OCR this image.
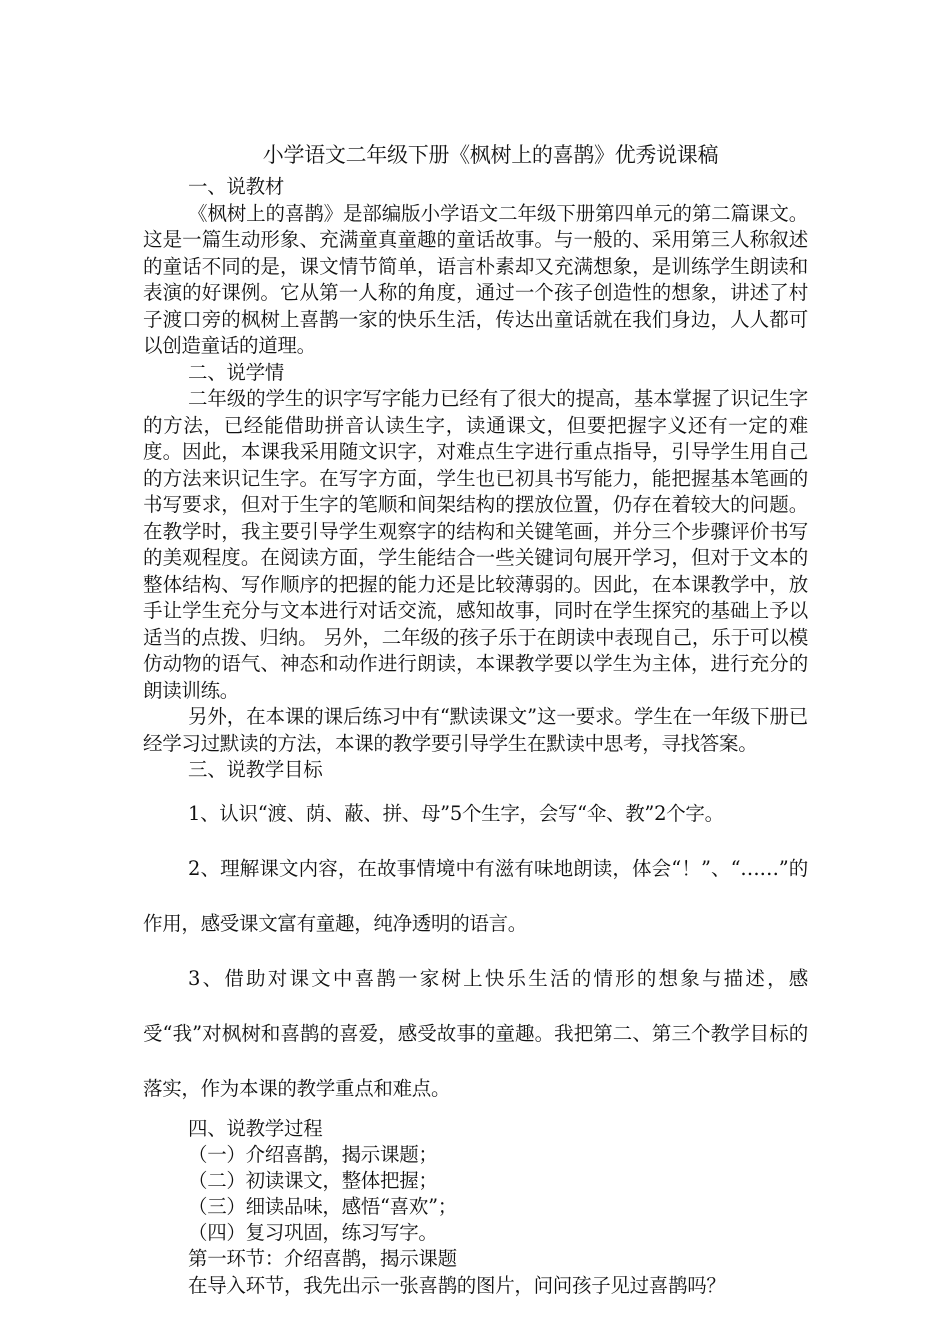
小学语文二年级下册《枫树上的喜鹊》优秀说课稿
一、说教材
《枫树上的喜鹊》是部编版小学语文二年级下册第四单元的第二篇课文。这是一篇生动形象、充满童真童趣的童话故事。与一般的、采用第三人称叙述的童话不同的是，课文情节简单，语言朴素却又充满想象，是训练学生朗读和表演的好课例。它从第一人称的角度，通过一个孩子创造性的想象，讲述了村子渡口旁的枫树上喜鹊一家的快乐生活，传达出童话就在我们身边，人人都可以创造童话的道理。
二、说学情
二年级的学生的识字写字能力已经有了很大的提高，基本掌握了识记生字的方法，已经能借助拼音认读生字，读通课文，但要把握字义还有一定的难度。因此，本课我采用随文识字，对难点生字进行重点指导，引导学生用自己的方法来识记生字。在写字方面，学生也已初具书写能力，能把握基本笔画的书写要求，但对于生字的笔顺和间架结构的摆放位置，仍存在着较大的问题。在教学时，我主要引导学生观察字的结构和关键笔画，并分三个步骤评价书写的美观程度。在阅读方面，学生能结合一些关键词句展开学习，但对于文本的整体结构、写作顺序的把握的能力还是比较薄弱的。因此，在本课教学中，放手让学生充分与文本进行对话交流，感知故事，同时在学生探究的基础上予以适当的点拨、归纳。 另外，二年级的孩子乐于在朗读中表现自己，乐于可以模仿动物的语气、神态和动作进行朗读，本课教学要以学生为主体，进行充分的朗读训练。
另外，在本课的课后练习中有“默读课文”这一要求。学生在一年级下册已经学习过默读的方法，本课的教学要引导学生在默读中思考，寻找答案。
三、说教学目标
1、认识“渡、荫、蔽、拼、母”5个生字，会写“伞、教”2个字。
2、理解课文内容，在故事情境中有滋有味地朗读，体会“！”、“……”的作用，感受课文富有童趣，纯净透明的语言。
3、借助对课文中喜鹊一家树上快乐生活的情形的想象与描述，感受“我”对枫树和喜鹊的喜爱，感受故事的童趣。我把第二、第三个教学目标的落实，作为本课的教学重点和难点。
四、说教学过程
（一）介绍喜鹊，揭示课题；
（二）初读课文，整体把握；
（三）细读品味，感悟“喜欢”；
（四）复习巩固，练习写字。
第一环节：介绍喜鹊，揭示课题
在导入环节，我先出示一张喜鹊的图片，问问孩子见过喜鹊吗？
